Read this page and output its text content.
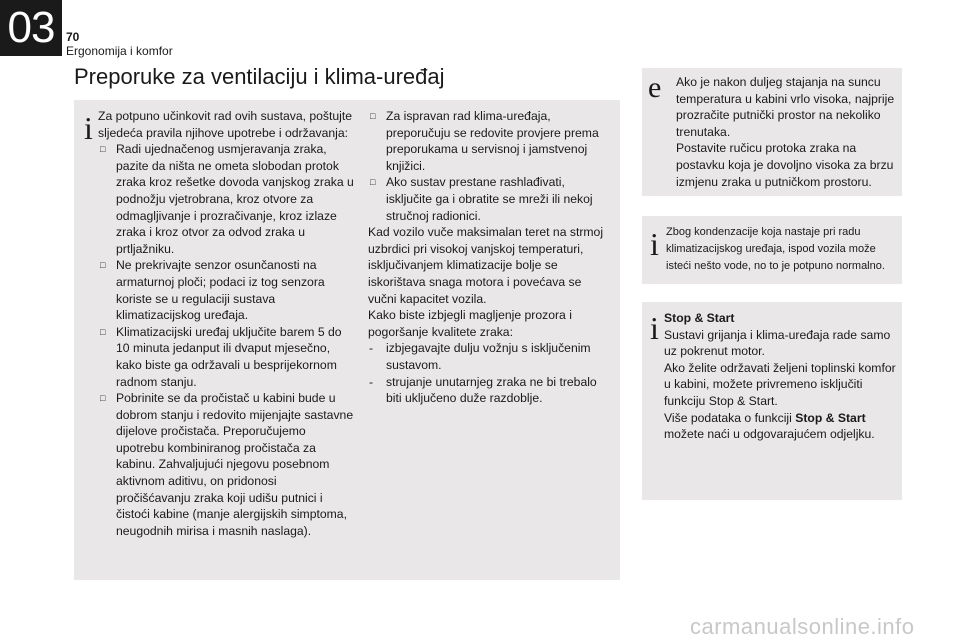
03 70
Ergonomija i komfor
Preporuke za ventilaciju i klima-uređaj
i Za potpuno učinkovit rad ovih sustava, poštujte sljedeća pravila njihove upotrebe i održavanja:

□ Radi ujednačenog usmjeravanja zraka, pazite da ništa ne ometa slobodan protok zraka kroz rešetke dovoda vanjskog zraka u podnožju vjetrobrana, kroz otvore za odmagljivanje i prozračivanje, kroz izlaze zraka i kroz otvor za odvod zraka u prtljažniku.

□ Ne prekrivajte senzor osunčanosti na armaturnoj ploči; podaci iz tog senzora koriste se u regulaciji sustava klimatizacijskog uređaja.

□ Klimatizacijski uređaj uključite barem 5 do 10 minuta jedanput ili dvaput mjesečno, kako biste ga održavali u besprijekornom radnom stanju.

□ Pobrinite se da pročistač u kabini bude u dobrom stanju i redovito mijenjajte sastavne dijelove pročistača. Preporučujemo upotrebu kombiniranog pročistača za kabinu. Zahvaljujući njegovu posebnom aktivnom aditivu, on pridonosi pročišćavanju zraka koji udišu putnici i čistoći kabine (manje alergijskih simptoma, neugodnih mirisa i masnih naslaga).

□ Za ispravan rad klima-uređaja, preporučuju se redovite provjere prema preporukama u servisnoj i jamstvenoj knjižici.

□ Ako sustav prestane rashlađivati, isključite ga i obratite se mreži ili nekoj stručnoj radionici.

Kad vozilo vuče maksimalan teret na strmoj uzbrdici pri visokoj vanjskoj temperaturi, isključivanjem klimatizacije bolje se iskorištava snaga motora i povećava se vučni kapacitet vozila.

Kako biste izbjegli magljenje prozora i pogoršanje kvalitete zraka:

- izbjegavajte dulju vožnju s isključenim sustavom.

- strujanje unutarnjeg zraka ne bi trebalo biti uključeno duže razdoblje.

e Ako je nakon duljeg stajanja na suncu temperatura u kabini vrlo visoka, najprije prozračite putnički prostor na nekoliko trenutaka.

Postavite ručicu protoka zraka na postavku koja je dovoljno visoka za brzu izmjenu zraka u putničkom prostoru.

i Zbog kondenzacije koja nastaje pri radu klimatizacijskog uređaja, ispod vozila može isteći nešto vode, no to je potpuno normalno.
i Stop & Start

Sustavi grijanja i klima-uređaja rade samo uz pokrenut motor.

Ako želite održavati željeni toplinski komfor u kabini, možete privremeno isključiti funkciju Stop & Start.

Više podataka o funkciji Stop & Start možete naći u odgovarajućem odjeljku.

carmanualsonline.info
